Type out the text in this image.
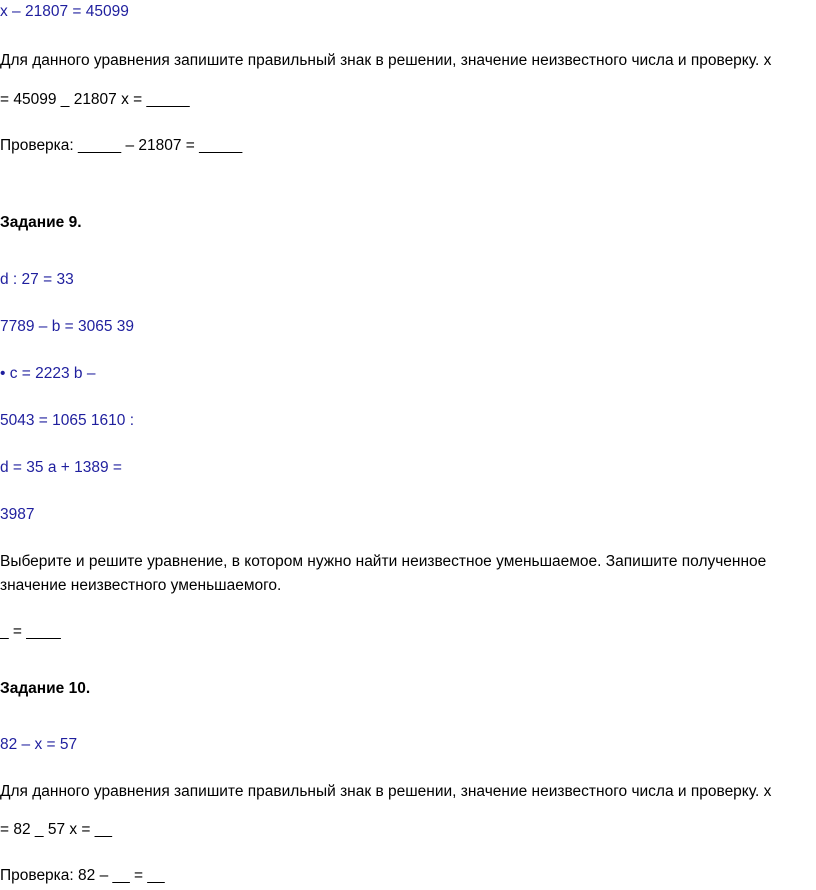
x – 21807 = 45099

Для данного уравнения запишите правильный знак в решении, значение неизвестного числа и проверку. x

= 45099 _ 21807 x = _____

Проверка: _____ – 21807 = _____

Задание 9.

d : 27 = 33

7789 – b = 3065 39

• c = 2223 b –

5043 = 1065 1610 :

d = 35 a + 1389 =

3987

Выберите и решите уравнение, в котором нужно найти неизвестное уменьшаемое. Запишите полученное

значение неизвестного уменьшаемого.

_ = ____

Задание 10.

82 – x = 57

Для данного уравнения запишите правильный знак в решении, значение неизвестного числа и проверку. x

= 82 _ 57 x = __

Проверка: 82 – __ = __
